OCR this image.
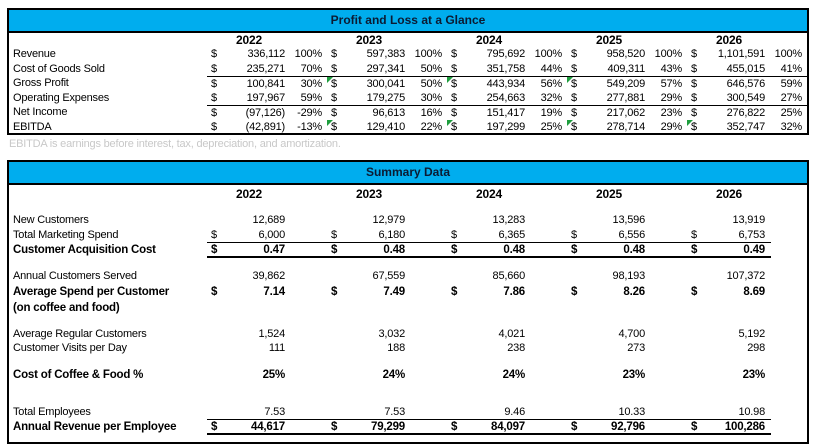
Profit and Loss at a Glance
2022	2023	2024	2025	2026
Revenue	$	336,112 100% $	597,383 100% $	795,692 100% $	958,520 100% $ 1,101,591 100%
Cost of Goods Sold	$	235,271	70% $	297,341	50% $	351,758	44% $	409,311	43% $	455,015	41%
Gross Profit	$	100,841	30% $	300,041	50% $	443,934	56% $	549,209	57% $	646,576	59%
Operating Expenses	$	197,967	59% $	179,275	30% $	254,663	32% $	277,881	29% $	300,549	27%
Net Income	$	(97,126)	-29% $	96,613	16% $	151,417	19% $	217,062	23% $	276,822	25%
EBITDA	$	(42,891)	-13% $	129,410	22% $	197,299	25% $	278,714	29% $	352,747	32%
EBITDA is earnings before interest, tax, depreciation, and amortization.
Summary Data
2022	2023	2024	2025	2026
New Customers	12,689	12,979	13,283	13,596	13,919
Total Marketing Spend	$	6,000	$	6,180	$	6,365	$	6,556	$	6,753
Customer Acquisition Cost	$	0.47	$	0.48	$	0.48	$	0.48	$	0.49
Annual Customers Served	39,862	67,559	85,660	98,193	107,372
Average Spend per Customer	$	7.14	$	7.49	$	7.86	$	8.26	$	8.69
(on coffee and food)
Average Regular Customers	1,524	3,032	4,021	4,700	5,192
Customer Visits per Day	111	188	238	273	298
Cost of Coffee & Food %	25%	24%	24%	23%	23%
Total Employees	7.53	7.53	9.46	10.33	10.98
Annual Revenue per Employee	$	44,617	$	79,299	$	84,097	$	92,796	$ 100,286
